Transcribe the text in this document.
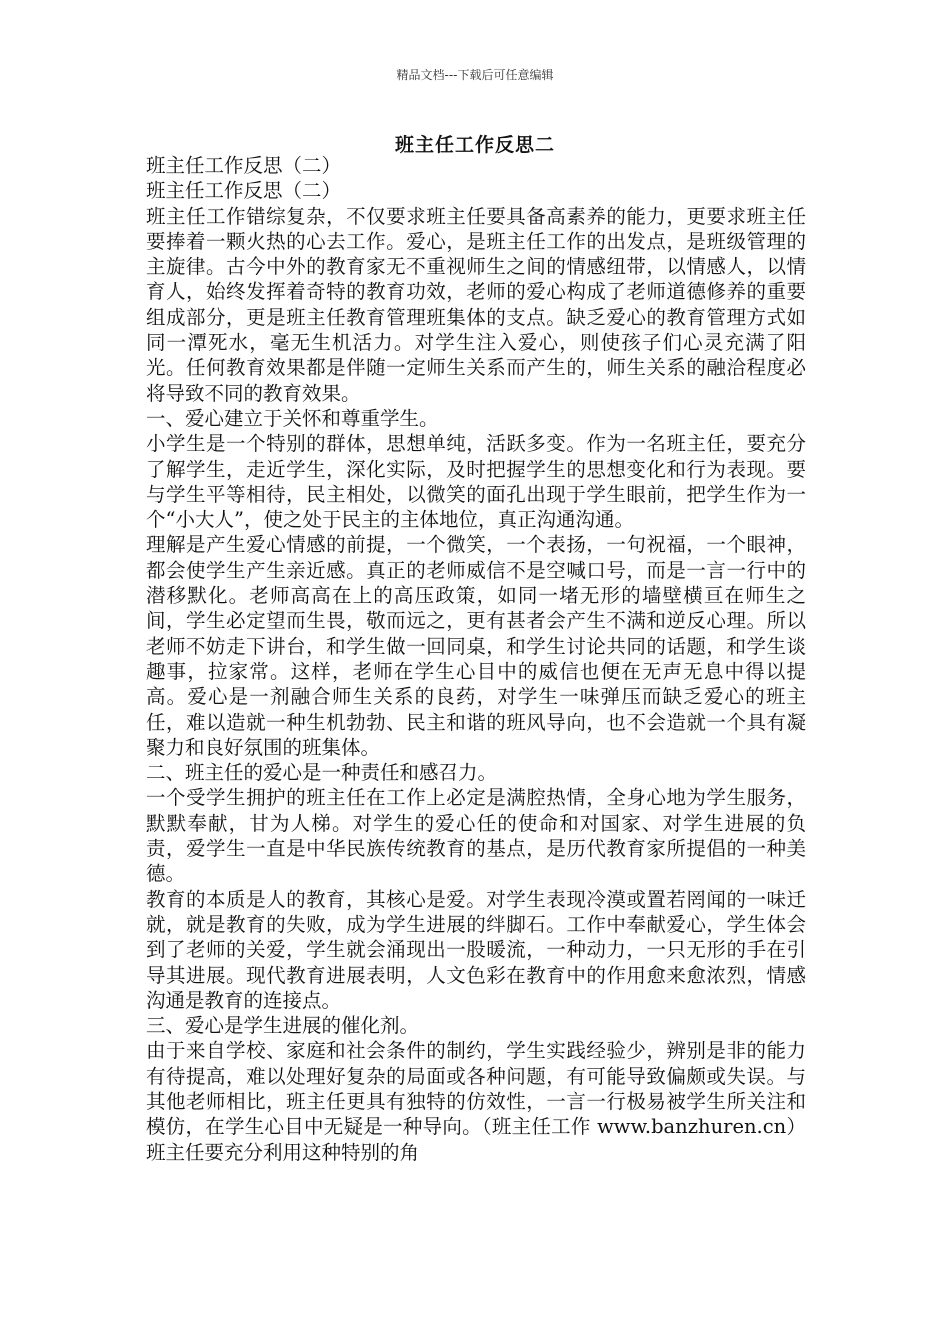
精品文档---下载后可任意编辑
班主任工作反思二

班主任工作反思（二）

班主任工作反思（二）

班主任工作错综复杂，不仅要求班主任要具备高素养的能力，更要求班主任要捧着一颗火热的心去工作。爱心，是班主任工作的出发点，是班级管理的主旋律。古今中外的教育家无不重视师生之间的情感纽带，以情感人，以情育人，始终发挥着奇特的教育功效，老师的爱心构成了老师道德修养的重要组成部分，更是班主任教育管理班集体的支点。缺乏爱心的教育管理方式如同一潭死水，毫无生机活力。对学生注入爱心，则使孩子们心灵充满了阳光。任何教育效果都是伴随一定师生关系而产生的，师生关系的融洽程度必将导致不同的教育效果。

一、爱心建立于关怀和尊重学生。

小学生是一个特别的群体，思想单纯，活跃多变。作为一名班主任，要充分了解学生，走近学生，深化实际，及时把握学生的思想变化和行为表现。要与学生平等相待，民主相处，以微笑的面孔出现于学生眼前，把学生作为一个“小大人”，使之处于民主的主体地位，真正沟通沟通。

理解是产生爱心情感的前提，一个微笑，一个表扬，一句祝福，一个眼神，都会使学生产生亲近感。真正的老师威信不是空喊口号，而是一言一行中的潜移默化。老师高高在上的高压政策，如同一堵无形的墙壁横亘在师生之间，学生必定望而生畏，敬而远之，更有甚者会产生不满和逆反心理。所以老师不妨走下讲台，和学生做一回同桌，和学生讨论共同的话题，和学生谈趣事，拉家常。这样，老师在学生心目中的威信也便在无声无息中得以提高。爱心是一剂融合师生关系的良药，对学生一味弹压而缺乏爱心的班主任，难以造就一种生机勃勃、民主和谐的班风导向，也不会造就一个具有凝聚力和良好氛围的班集体。

二、班主任的爱心是一种责任和感召力。

一个受学生拥护的班主任在工作上必定是满腔热情，全身心地为学生服务，默默奉献，甘为人梯。对学生的爱心任的使命和对国家、对学生进展的负责，爱学生一直是中华民族传统教育的基点，是历代教育家所提倡的一种美德。

教育的本质是人的教育，其核心是爱。对学生表现冷漠或置若罔闻的一味迁就，就是教育的失败，成为学生进展的绊脚石。工作中奉献爱心，学生体会到了老师的关爱，学生就会涌现出一股暖流，一种动力，一只无形的手在引导其进展。现代教育进展表明，人文色彩在教育中的作用愈来愈浓烈，情感沟通是教育的连接点。

三、爱心是学生进展的催化剂。

由于来自学校、家庭和社会条件的制约，学生实践经验少，辨别是非的能力有待提高，难以处理好复杂的局面或各种问题，有可能导致偏颇或失误。与其他老师相比，班主任更具有独特的仿效性，一言一行极易被学生所关注和模仿，在学生心目中无疑是一种导向。（班主任工作 www.banzhuren.cn）班主任要充分利用这种特别的角
